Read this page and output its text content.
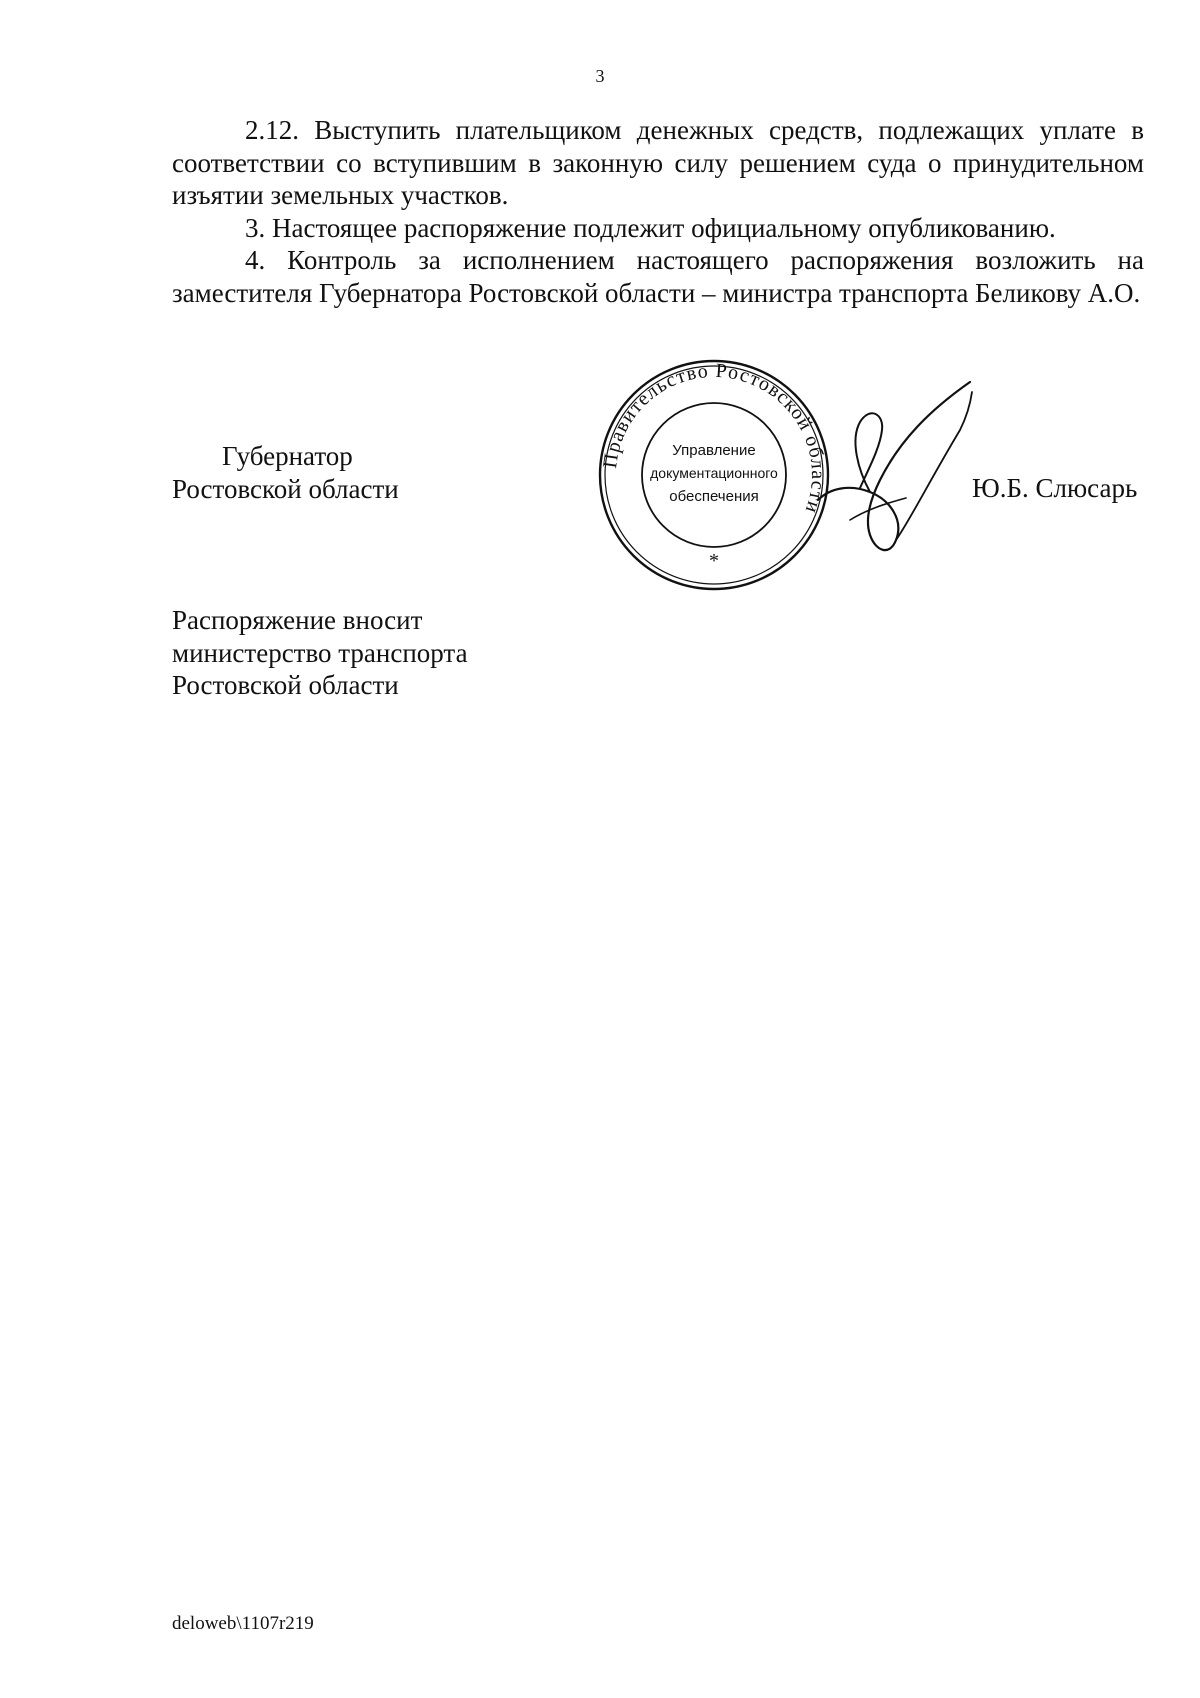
3

2.12. Выступить плательщиком денежных средств, подлежащих уплате в соответствии со вступившим в законную силу решением суда о принудительном изъятии земельных участков.

3. Настоящее распоряжение подлежит официальному опубликованию.

4. Контроль за исполнением настоящего распоряжения возложить на заместителя Губернатора Ростовской области – министра транспорта Беликову А.О.

Губернатор
Ростовской области	Ю.Б. Слюсарь
Правительство Ростовской области
Управление
документационного
обеспечения
*
Распоряжение вносит
министерство транспорта
Ростовской области
deloweb\1107r219
